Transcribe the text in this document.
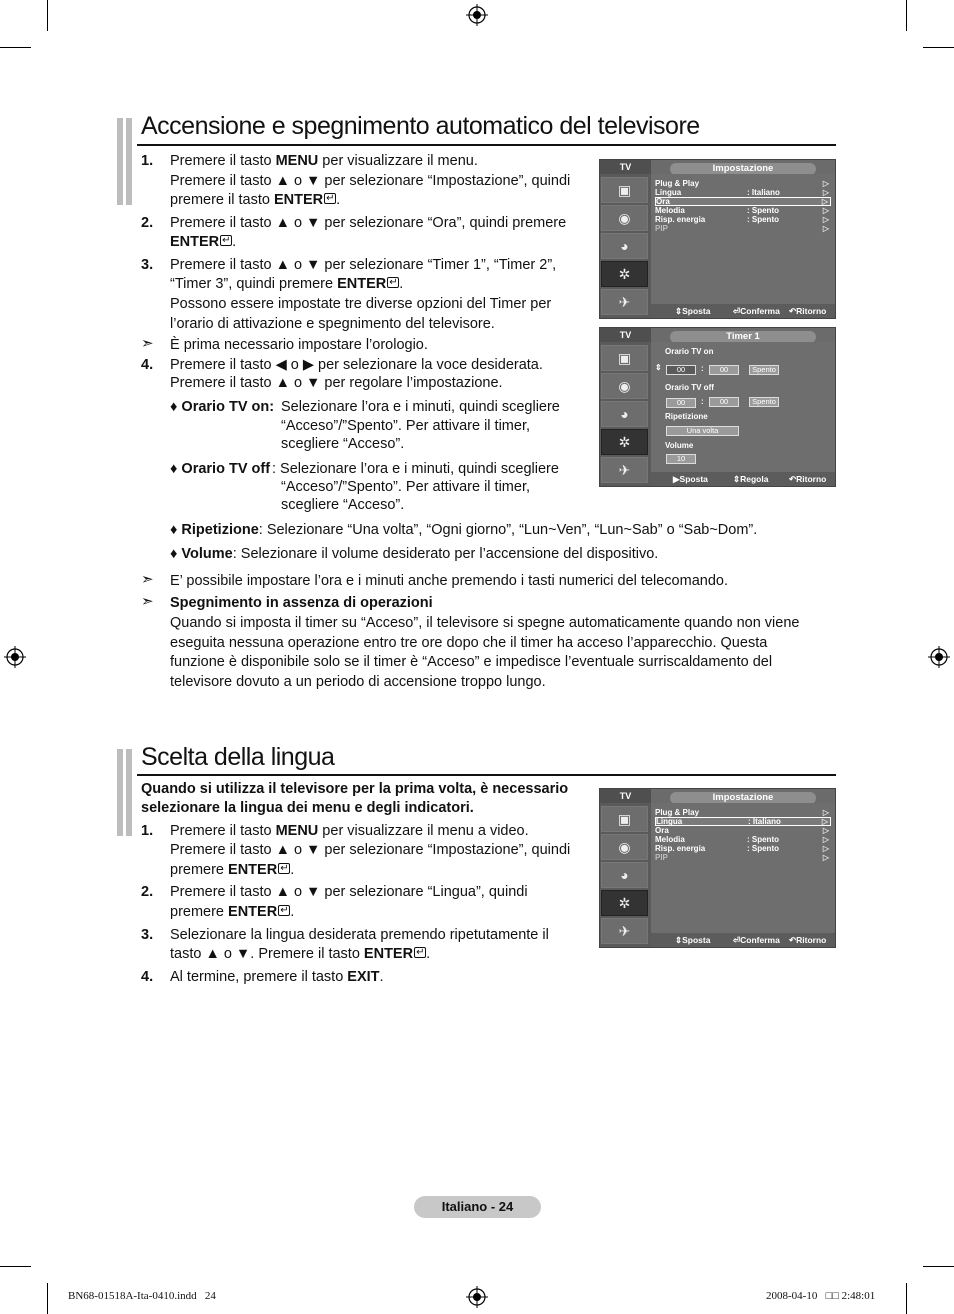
Accensione e spegnimento automatico del televisore
1. Premere il tasto MENU per visualizzare il menu.
Premere il tasto ▲ o ▼ per selezionare “Impostazione”, quindi
premere il tasto ENTER ↵ .
2. Premere il tasto ▲ o ▼ per selezionare “Ora”, quindi premere
ENTER ↵ .
3. Premere il tasto ▲ o ▼ per selezionare “Timer 1”, “Timer 2”,
“Timer 3”, quindi premere ENTER ↵ .
Possono essere impostate tre diverse opzioni del Timer per
l’orario di attivazione e spegnimento del televisore.
➣ È prima necessario impostare l’orologio.
4. Premere il tasto ◀ o ▶ per selezionare la voce desiderata.
Premere il tasto ▲ o ▼ per regolare l’impostazione.
♦ Orario TV on: Selezionare l’ora e i minuti, quindi scegliere
“Acceso”/”Spento”. Per attivare il timer,
scegliere “Acceso”.
♦ Orario TV off : Selezionare l’ora e i minuti, quindi scegliere
“Acceso”/”Spento”. Per attivare il timer,
scegliere “Acceso”.
♦ Ripetizione: Selezionare “Una volta”, “Ogni giorno”, “Lun~Ven”, “Lun~Sab” o “Sab~Dom”.
♦ Volume: Selezionare il volume desiderato per l’accensione del dispositivo.
➣ E’ possibile impostare l’ora e i minuti anche premendo i tasti numerici del telecomando.
➣ Spegnimento in assenza di operazioni
Quando si imposta il timer su “Acceso”, il televisore si spegne automaticamente quando non viene
eseguita nessuna operazione entro tre ore dopo che il timer ha acceso l’apparecchio. Questa
funzione è disponibile solo se il timer è “Acceso” e impedisce l’eventuale surriscaldamento del
televisore dovuto a un periodo di accensione troppo lungo.
TV	Impostazione
▣
◉
◕
✲
✈
Plug & Play	▷
Lingua	: Italiano	▷
Ora	▷
Melodia	: Spento	▷
Risp. energia	: Spento	▷
PIP	▷
⇕ Sposta	⏎ Conferma ↶ Ritorno
TV	Timer 1
▣
◉
◕
✲
✈
Orario TV on
⇕	00	:	00	Spento
Orario TV off
00	:	00	Spento
Ripetizione
Una volta
Volume
10
▶ Sposta	⇕ Regola ↶ Ritorno
Scelta della lingua
Quando si utilizza il televisore per la prima volta, è necessario
selezionare la lingua dei menu e degli indicatori.
1. Premere il tasto MENU per visualizzare il menu a video.
Premere il tasto ▲ o ▼ per selezionare “Impostazione”, quindi
premere ENTER ↵ .
2. Premere il tasto ▲ o ▼ per selezionare “Lingua”, quindi
premere ENTER ↵ .
3. Selezionare la lingua desiderata premendo ripetutamente il
tasto ▲ o ▼. Premere il tasto ENTER ↵ .
4. Al termine, premere il tasto EXIT.
TV	Impostazione
▣
◉
◕
✲
✈
Plug & Play	▷
Lingua	: Italiano	▷
Ora	▷
Melodia	: Spento	▷
Risp. energia	: Spento	▷
PIP	▷
⇕ Sposta	⏎ Conferma ↶ Ritorno
Italiano - 24
BN68-01518A-Ita-0410.indd   24	2008-04-10   □□ 2:48:01
